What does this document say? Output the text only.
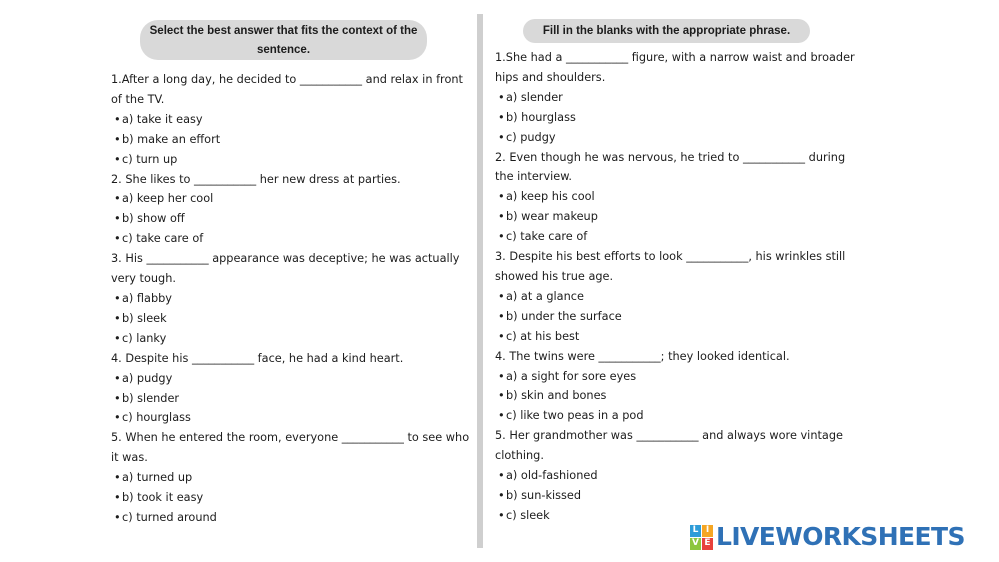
Select the best answer that fits the context of the sentence.
1.After a long day, he decided to ___________ and relax in front of the TV.
•a) take it easy
•b) make an effort
•c) turn up
2. She likes to ___________ her new dress at parties.
•a) keep her cool
•b) show off
•c) take care of
3. His ___________ appearance was deceptive; he was actually very tough.
•a) flabby
•b) sleek
•c) lanky
4. Despite his ___________ face, he had a kind heart.
•a) pudgy
•b) slender
•c) hourglass
5. When he entered the room, everyone ___________ to see who it was.
•a) turned up
•b) took it easy
•c) turned around
Fill in the blanks with the appropriate phrase.
1.She had a ___________ figure, with a narrow waist and broader hips and shoulders.
•a) slender
•b) hourglass
•c) pudgy
2. Even though he was nervous, he tried to ___________ during the interview.
•a) keep his cool
•b) wear makeup
•c) take care of
3. Despite his best efforts to look ___________, his wrinkles still showed his true age.
•a) at a glance
•b) under the surface
•c) at his best
4. The twins were ___________; they looked identical.
•a) a sight for sore eyes
•b) skin and bones
•c) like two peas in a pod
5. Her grandmother was ___________ and always wore vintage clothing.
•a) old-fashioned
•b) sun-kissed
•c) sleek
L I
V E LIVEWORKSHEETS
